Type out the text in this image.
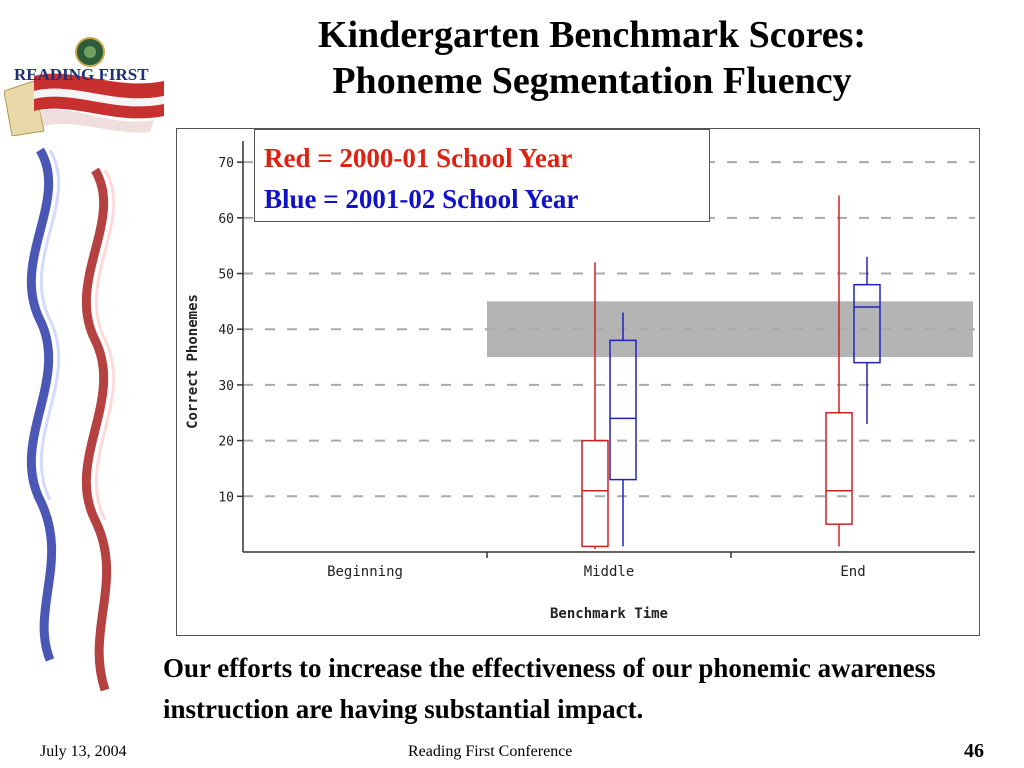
READING FIRST
Kindergarten Benchmark Scores:
Phoneme Segmentation Fluency
10
20
30
40
50
60
70
Beginning	Middle	End
Correct Phonemes
Benchmark Time
Red = 2000-01 School Year
Blue = 2001-02 School Year
Our efforts to increase the effectiveness of our phonemic awareness instruction are having substantial impact.
July 13, 2004	Reading First Conference	46
